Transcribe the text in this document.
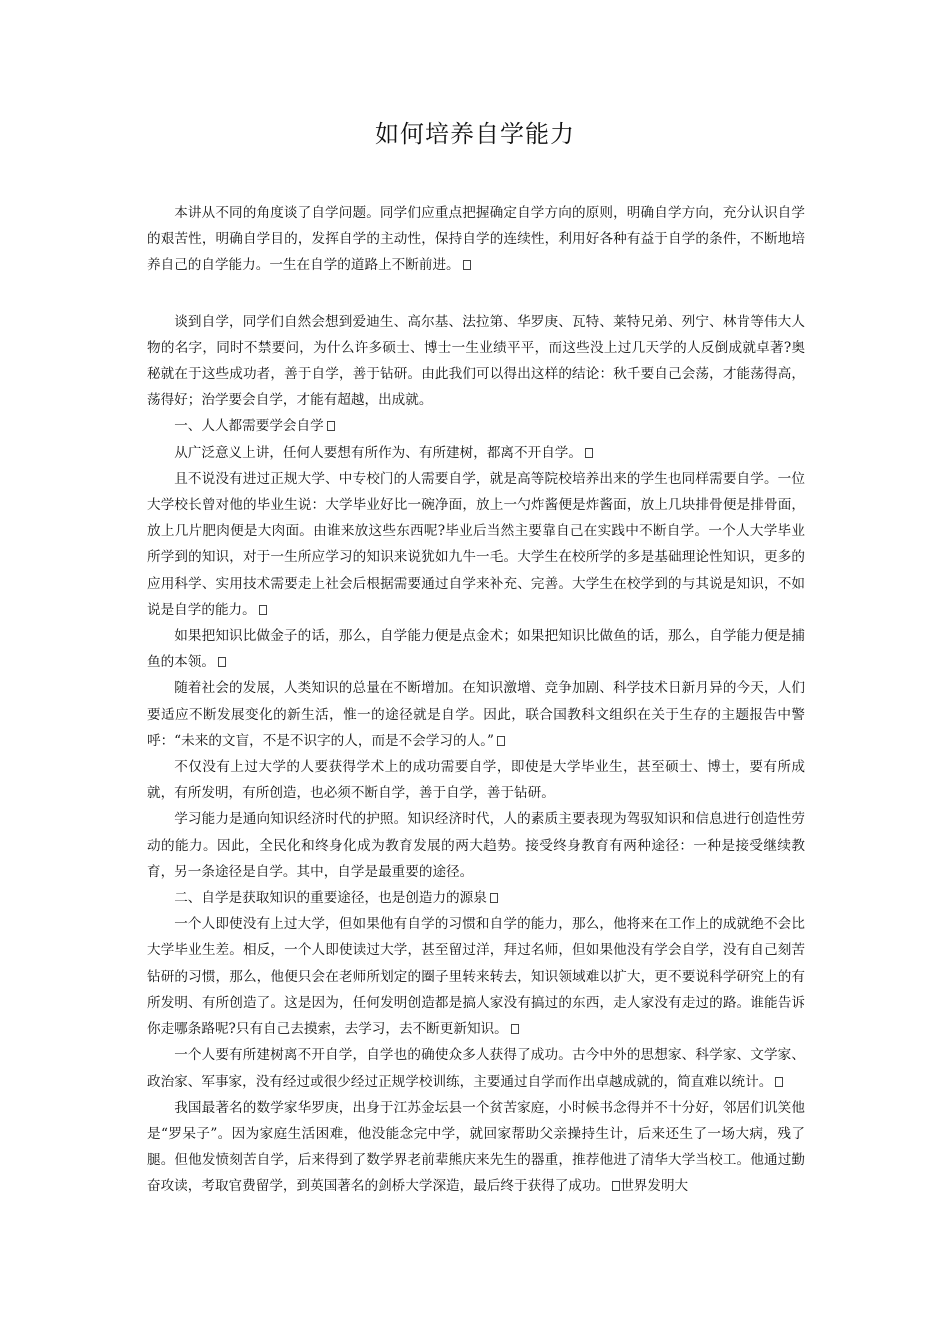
如何培养自学能力

本讲从不同的角度谈了自学问题。同学们应重点把握确定自学方向的原则，明确自学方向，充分认识自学的艰苦性，明确自学目的，发挥自学的主动性，保持自学的连续性，利用好各种有益于自学的条件，不断地培养自己的自学能力。一生在自学的道路上不断前进。

谈到自学，同学们自然会想到爱迪生、高尔基、法拉第、华罗庚、瓦特、莱特兄弟、列宁、林肯等伟大人物的名字，同时不禁要问，为什么许多硕士、博士一生业绩平平，而这些没上过几天学的人反倒成就卓著?奥秘就在于这些成功者，善于自学，善于钻研。由此我们可以得出这样的结论：秋千要自己会荡，才能荡得高，荡得好；治学要会自学，才能有超越，出成就。

一、人人都需要学会自学

从广泛意义上讲，任何人要想有所作为、有所建树，都离不开自学。

且不说没有进过正规大学、中专校门的人需要自学，就是高等院校培养出来的学生也同样需要自学。一位大学校长曾对他的毕业生说：大学毕业好比一碗净面，放上一勺炸酱便是炸酱面，放上几块排骨便是排骨面，放上几片肥肉便是大肉面。由谁来放这些东西呢?毕业后当然主要靠自己在实践中不断自学。一个人大学毕业所学到的知识，对于一生所应学习的知识来说犹如九牛一毛。大学生在校所学的多是基础理论性知识，更多的应用科学、实用技术需要走上社会后根据需要通过自学来补充、完善。大学生在校学到的与其说是知识，不如说是自学的能力。

如果把知识比做金子的话，那么，自学能力便是点金术；如果把知识比做鱼的话，那么，自学能力便是捕鱼的本领。

随着社会的发展，人类知识的总量在不断增加。在知识激增、竞争加剧、科学技术日新月异的今天，人们要适应不断发展变化的新生活，惟一的途径就是自学。因此，联合国教科文组织在关于生存的主题报告中警呼：“未来的文盲，不是不识字的人，而是不会学习的人。”

不仅没有上过大学的人要获得学术上的成功需要自学，即使是大学毕业生，甚至硕士、博士，要有所成就，有所发明，有所创造，也必须不断自学，善于自学，善于钻研。

学习能力是通向知识经济时代的护照。知识经济时代，人的素质主要表现为驾驭知识和信息进行创造性劳动的能力。因此，全民化和终身化成为教育发展的两大趋势。接受终身教育有两种途径：一种是接受继续教育，另一条途径是自学。其中，自学是最重要的途径。

二、自学是获取知识的重要途径，也是创造力的源泉

一个人即使没有上过大学，但如果他有自学的习惯和自学的能力，那么，他将来在工作上的成就绝不会比大学毕业生差。相反，一个人即使读过大学，甚至留过洋，拜过名师，但如果他没有学会自学，没有自己刻苦钻研的习惯，那么，他便只会在老师所划定的圈子里转来转去，知识领域难以扩大，更不要说科学研究上的有所发明、有所创造了。这是因为，任何发明创造都是搞人家没有搞过的东西，走人家没有走过的路。谁能告诉你走哪条路呢?只有自己去摸索，去学习，去不断更新知识。

一个人要有所建树离不开自学，自学也的确使众多人获得了成功。古今中外的思想家、科学家、文学家、政治家、军事家，没有经过或很少经过正规学校训练，主要通过自学而作出卓越成就的，简直难以统计。

我国最著名的数学家华罗庚，出身于江苏金坛县一个贫苦家庭，小时候书念得并不十分好，邻居们讥笑他是“罗呆子”。因为家庭生活困难，他没能念完中学，就回家帮助父亲操持生计，后来还生了一场大病，残了腿。但他发愤刻苦自学，后来得到了数学界老前辈熊庆来先生的器重，推荐他进了清华大学当校工。他通过勤奋攻读，考取官费留学，到英国著名的剑桥大学深造，最后终于获得了成功。 世界发明大
